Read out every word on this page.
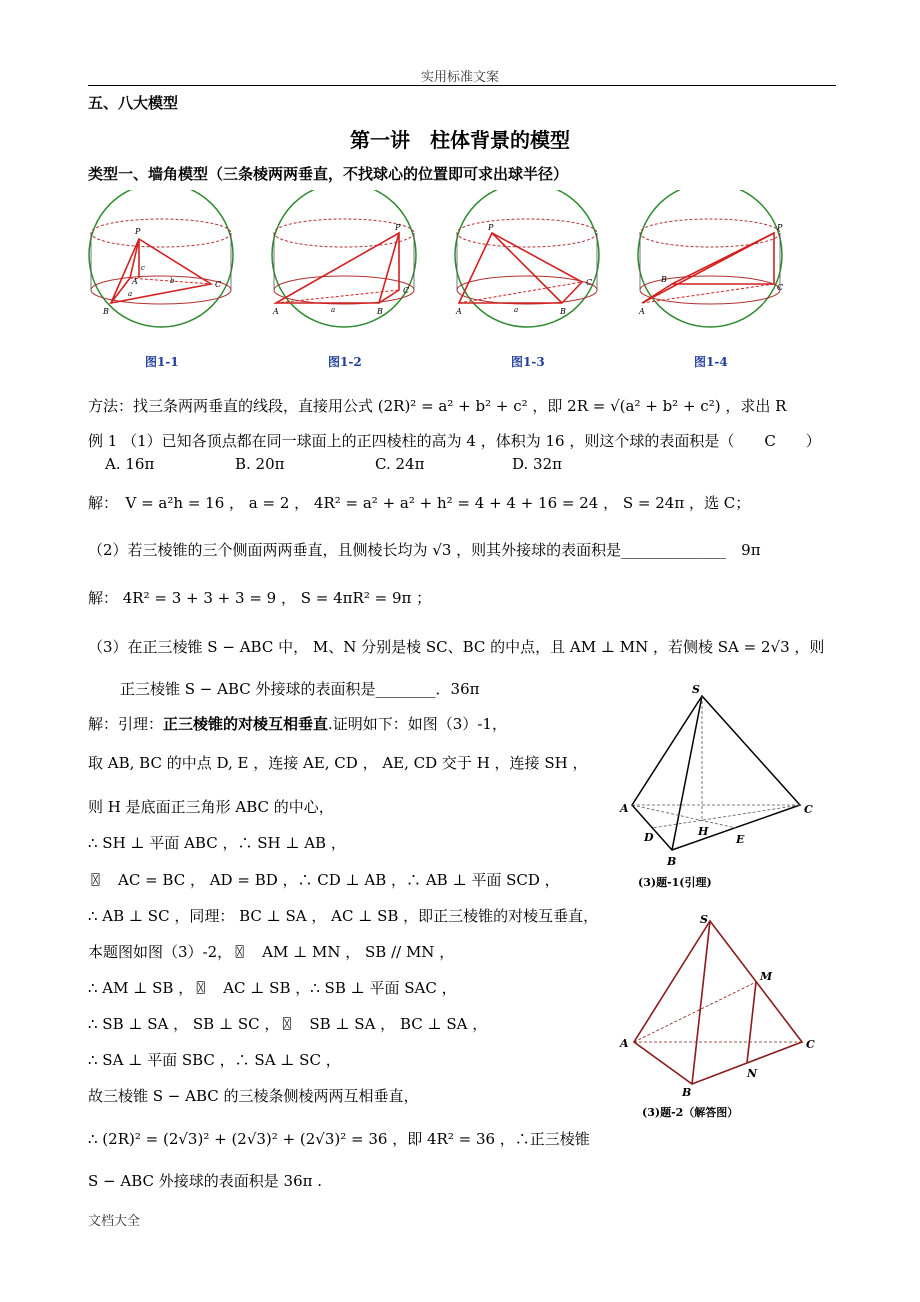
实用标准文案
五、八大模型
第一讲　柱体背景的模型
类型一、墙角模型（三条棱两两垂直，不找球心的位置即可求出球半径）
P
A
B
C
c
b
a
P
A	B
C
a
P
A	B
C
a
P
A
B
C
图1-1	图1-2	图1-3	图1-4
方法：找三条两两垂直的线段，直接用公式 (2R)² = a² + b² + c² ，即 2R = √(a² + b² + c²) ，求出 R
例 1 （1）已知各顶点都在同一球面上的正四棱柱的高为 4 ，体积为 16 ，则这个球的表面积是（　　C　　）
A. 16π	B. 20π	C. 24π	D. 32π
解：　V = a²h = 16 ， a = 2 ， 4R² = a² + a² + h² = 4 + 4 + 16 = 24 ， S = 24π ，选 C；
（2）若三棱锥的三个侧面两两垂直，且侧棱长均为 √3 ，则其外接球的表面积是______________　9π
解： 4R² = 3 + 3 + 3 = 9 ， S = 4πR² = 9π ；
（3）在正三棱锥 S − ABC 中， M、N 分别是棱 SC、BC 的中点，且 AM ⊥ MN ，若侧棱 SA = 2√3 ，则
正三棱锥 S − ABC 外接球的表面积是________．36π
解：引理：正三棱锥的对棱互相垂直.证明如下：如图（3）-1，
取 AB, BC 的中点 D, E ，连接 AE, CD ， AE, CD 交于 H ，连接 SH ，
则 H 是底面正三角形 ABC 的中心，
∴ SH ⊥ 平面 ABC ，∴ SH ⊥ AB ，
〿　AC = BC ， AD = BD ，∴ CD ⊥ AB ，∴ AB ⊥ 平面 SCD ，
∴ AB ⊥ SC ，同理： BC ⊥ SA ， AC ⊥ SB ，即正三棱锥的对棱互垂直，
本题图如图（3）-2，〿　AM ⊥ MN ， SB // MN ，
∴ AM ⊥ SB ，〿　AC ⊥ SB ，∴ SB ⊥ 平面 SAC ，
∴ SB ⊥ SA ， SB ⊥ SC ，〿　SB ⊥ SA ， BC ⊥ SA ，
∴ SA ⊥ 平面 SBC ，∴ SA ⊥ SC ，
故三棱锥 S − ABC 的三棱条侧棱两两互相垂直，
∴ (2R)² = (2√3)² + (2√3)² + (2√3)² = 36 ，即 4R² = 36 ，∴正三棱锥
S − ABC 外接球的表面积是 36π .
S
A
B
C
D	E
H
(3)题-1(引理)
S
A
B
C
M
N
(3)题-2（解答图）
文档大全
